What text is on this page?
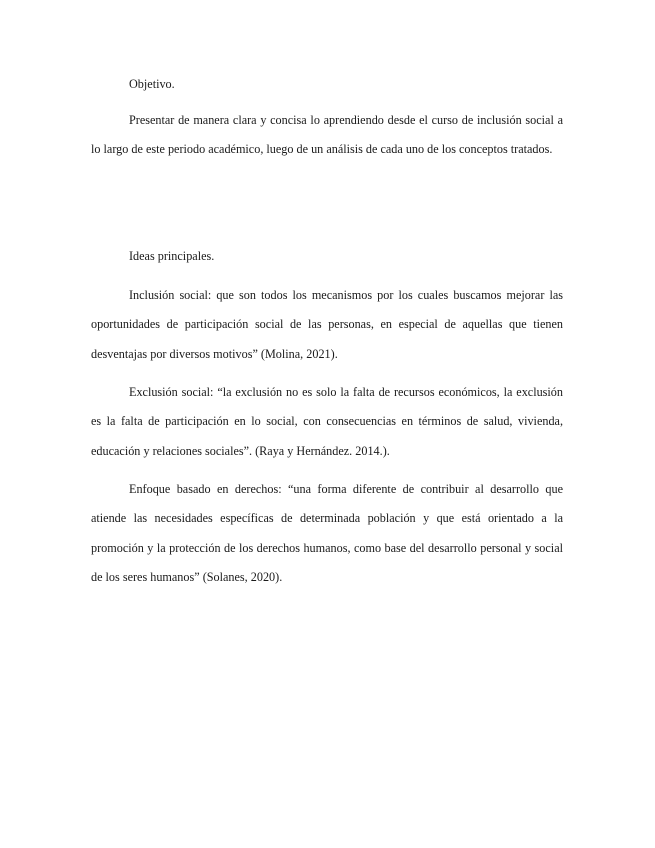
Objetivo.

Presentar de manera clara y concisa lo aprendiendo desde el curso de inclusión social a lo largo de este periodo académico, luego de un análisis de cada uno de los conceptos tratados.

Ideas principales.

Inclusión social: que son todos los mecanismos por los cuales buscamos mejorar las oportunidades de participación social de las personas, en especial de aquellas que tienen desventajas por diversos motivos” (Molina, 2021).

Exclusión social: “la exclusión no es solo la falta de recursos económicos, la exclusión es la falta de participación en lo social, con consecuencias en términos de salud, vivienda, educación y relaciones sociales”. (Raya y Hernández. 2014.).

Enfoque basado en derechos: “una forma diferente de contribuir al desarrollo que atiende las necesidades específicas de determinada población y que está orientado a la promoción y la protección de los derechos humanos, como base del desarrollo personal y social de los seres humanos” (Solanes, 2020).
